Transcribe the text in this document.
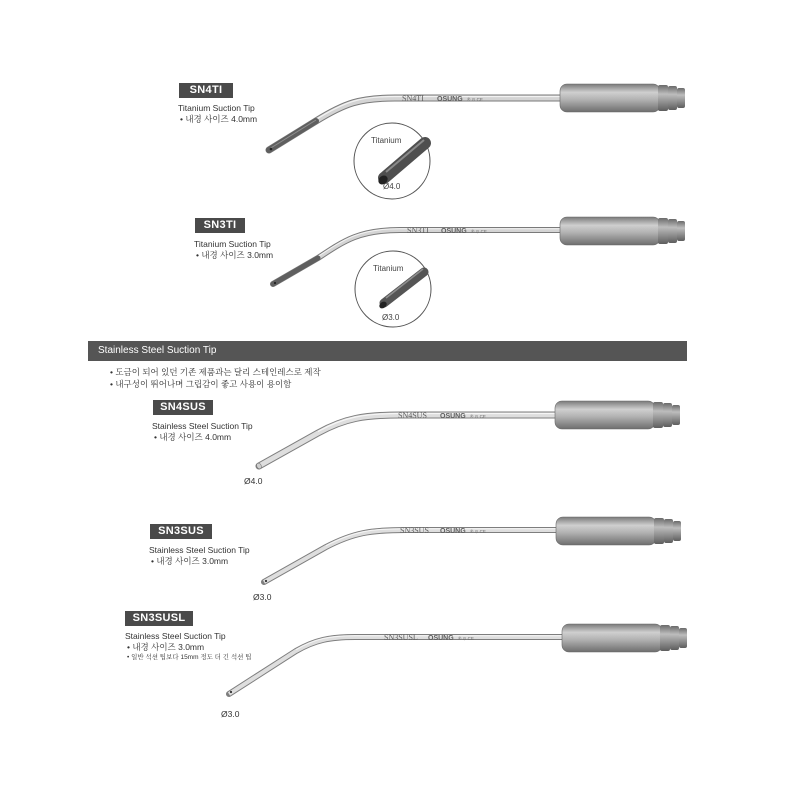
SN4TI OSUNG ® ⊙ CE
Titanium
Ø4.0
SN3TI OSUNG ® ⊙ CE
Titanium
Ø3.0
SN4SUS OSUNG ® ⊙ CE
SN3SUS OSUNG ® ⊙ CE
SN3SUSL OSUNG ® ⊙ CE
SN4TI
Titanium Suction Tip
• 내경 사이즈 4.0mm
SN3TI
Titanium Suction Tip
• 내경 사이즈 3.0mm
Stainless Steel Suction Tip
• 도금이 되어 있던 기존 제품과는 달리 스테인레스로 제작
• 내구성이 뛰어나며 그립감이 좋고 사용이 용이함
SN4SUS
Stainless Steel Suction Tip
• 내경 사이즈 4.0mm
Ø4.0
SN3SUS
Stainless Steel Suction Tip
• 내경 사이즈 3.0mm
Ø3.0
SN3SUSL
Stainless Steel Suction Tip
• 내경 사이즈 3.0mm
• 일반 석션 팁보다 15mm 정도 더 긴 석션 팁
Ø3.0
